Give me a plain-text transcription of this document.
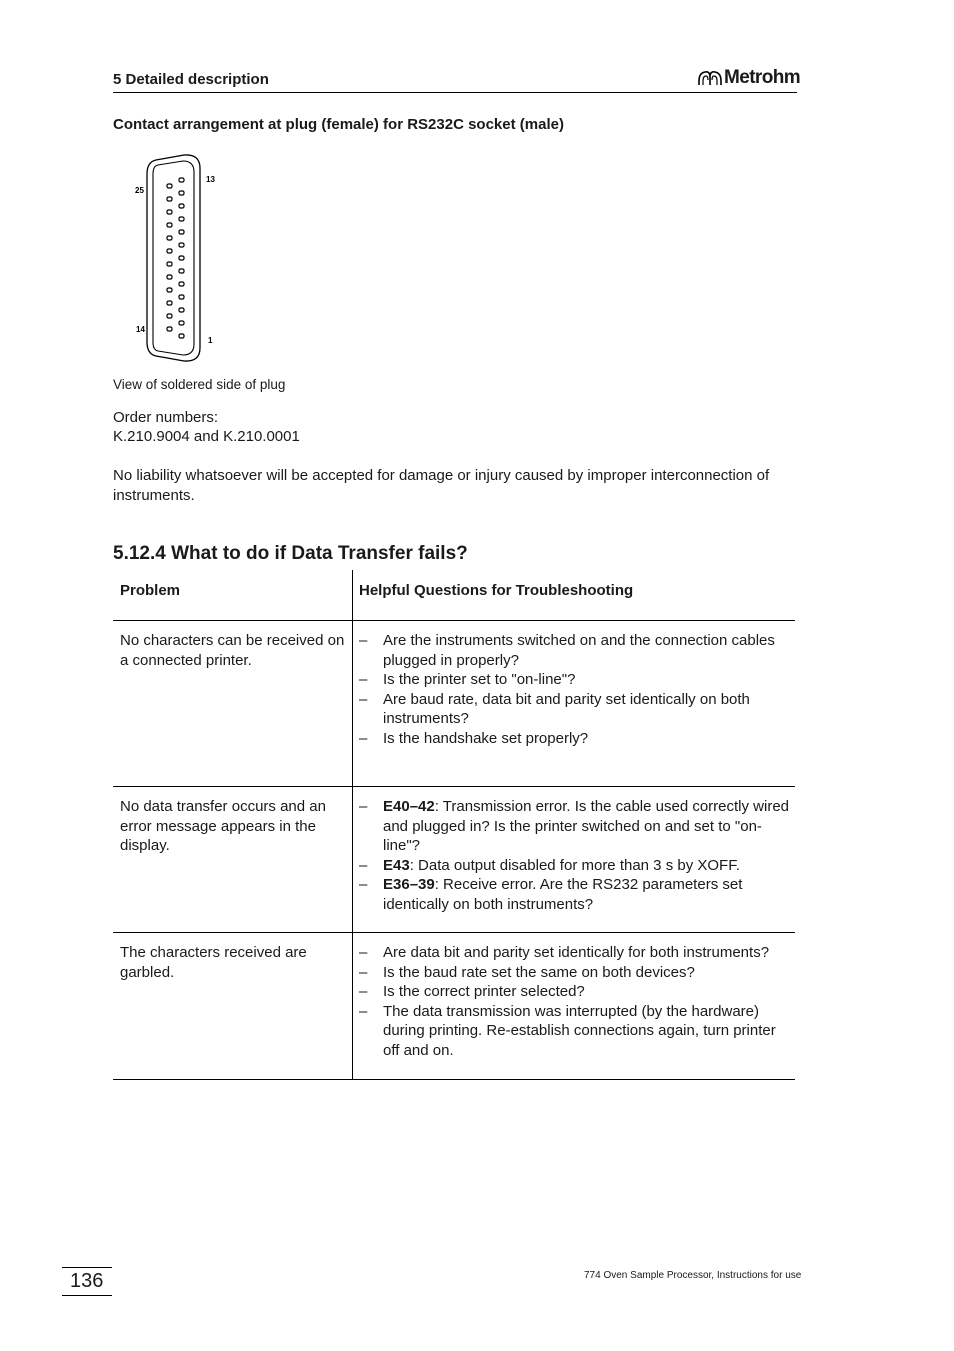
5 Detailed description	Metrohm
Contact arrangement at plug (female) for RS232C socket (male)
25
13
14
1
View of soldered side of plug
Order numbers:
K.210.9004 and K.210.0001
No liability whatsoever will be accepted for damage or injury caused by improper interconnection of instruments.
5.12.4 What to do if Data Transfer fails?
Problem	Helpful Questions for Troubleshooting
No characters can be received on a connected printer.
– Are the instruments switched on and the connection cables plugged in properly?
– Is the printer set to "on-line"?
– Are baud rate, data bit and parity set identically on both instruments?
– Is the handshake set properly?
No data transfer occurs and an error message appears in the display.
– E40–42: Transmission error. Is the cable used correctly wired and plugged in? Is the printer switched on and set to "on-line"?
– E43: Data output disabled for more than 3 s by XOFF.
– E36–39: Receive error. Are the RS232 parameters set identically on both instruments?
The characters received are garbled.
– Are data bit and parity set identically for both instruments?
– Is the baud rate set the same on both devices?
– Is the correct printer selected?
– The data transmission was interrupted (by the hardware) during printing. Re-establish connections again, turn printer off and on.
136	774 Oven Sample Processor, Instructions for use
